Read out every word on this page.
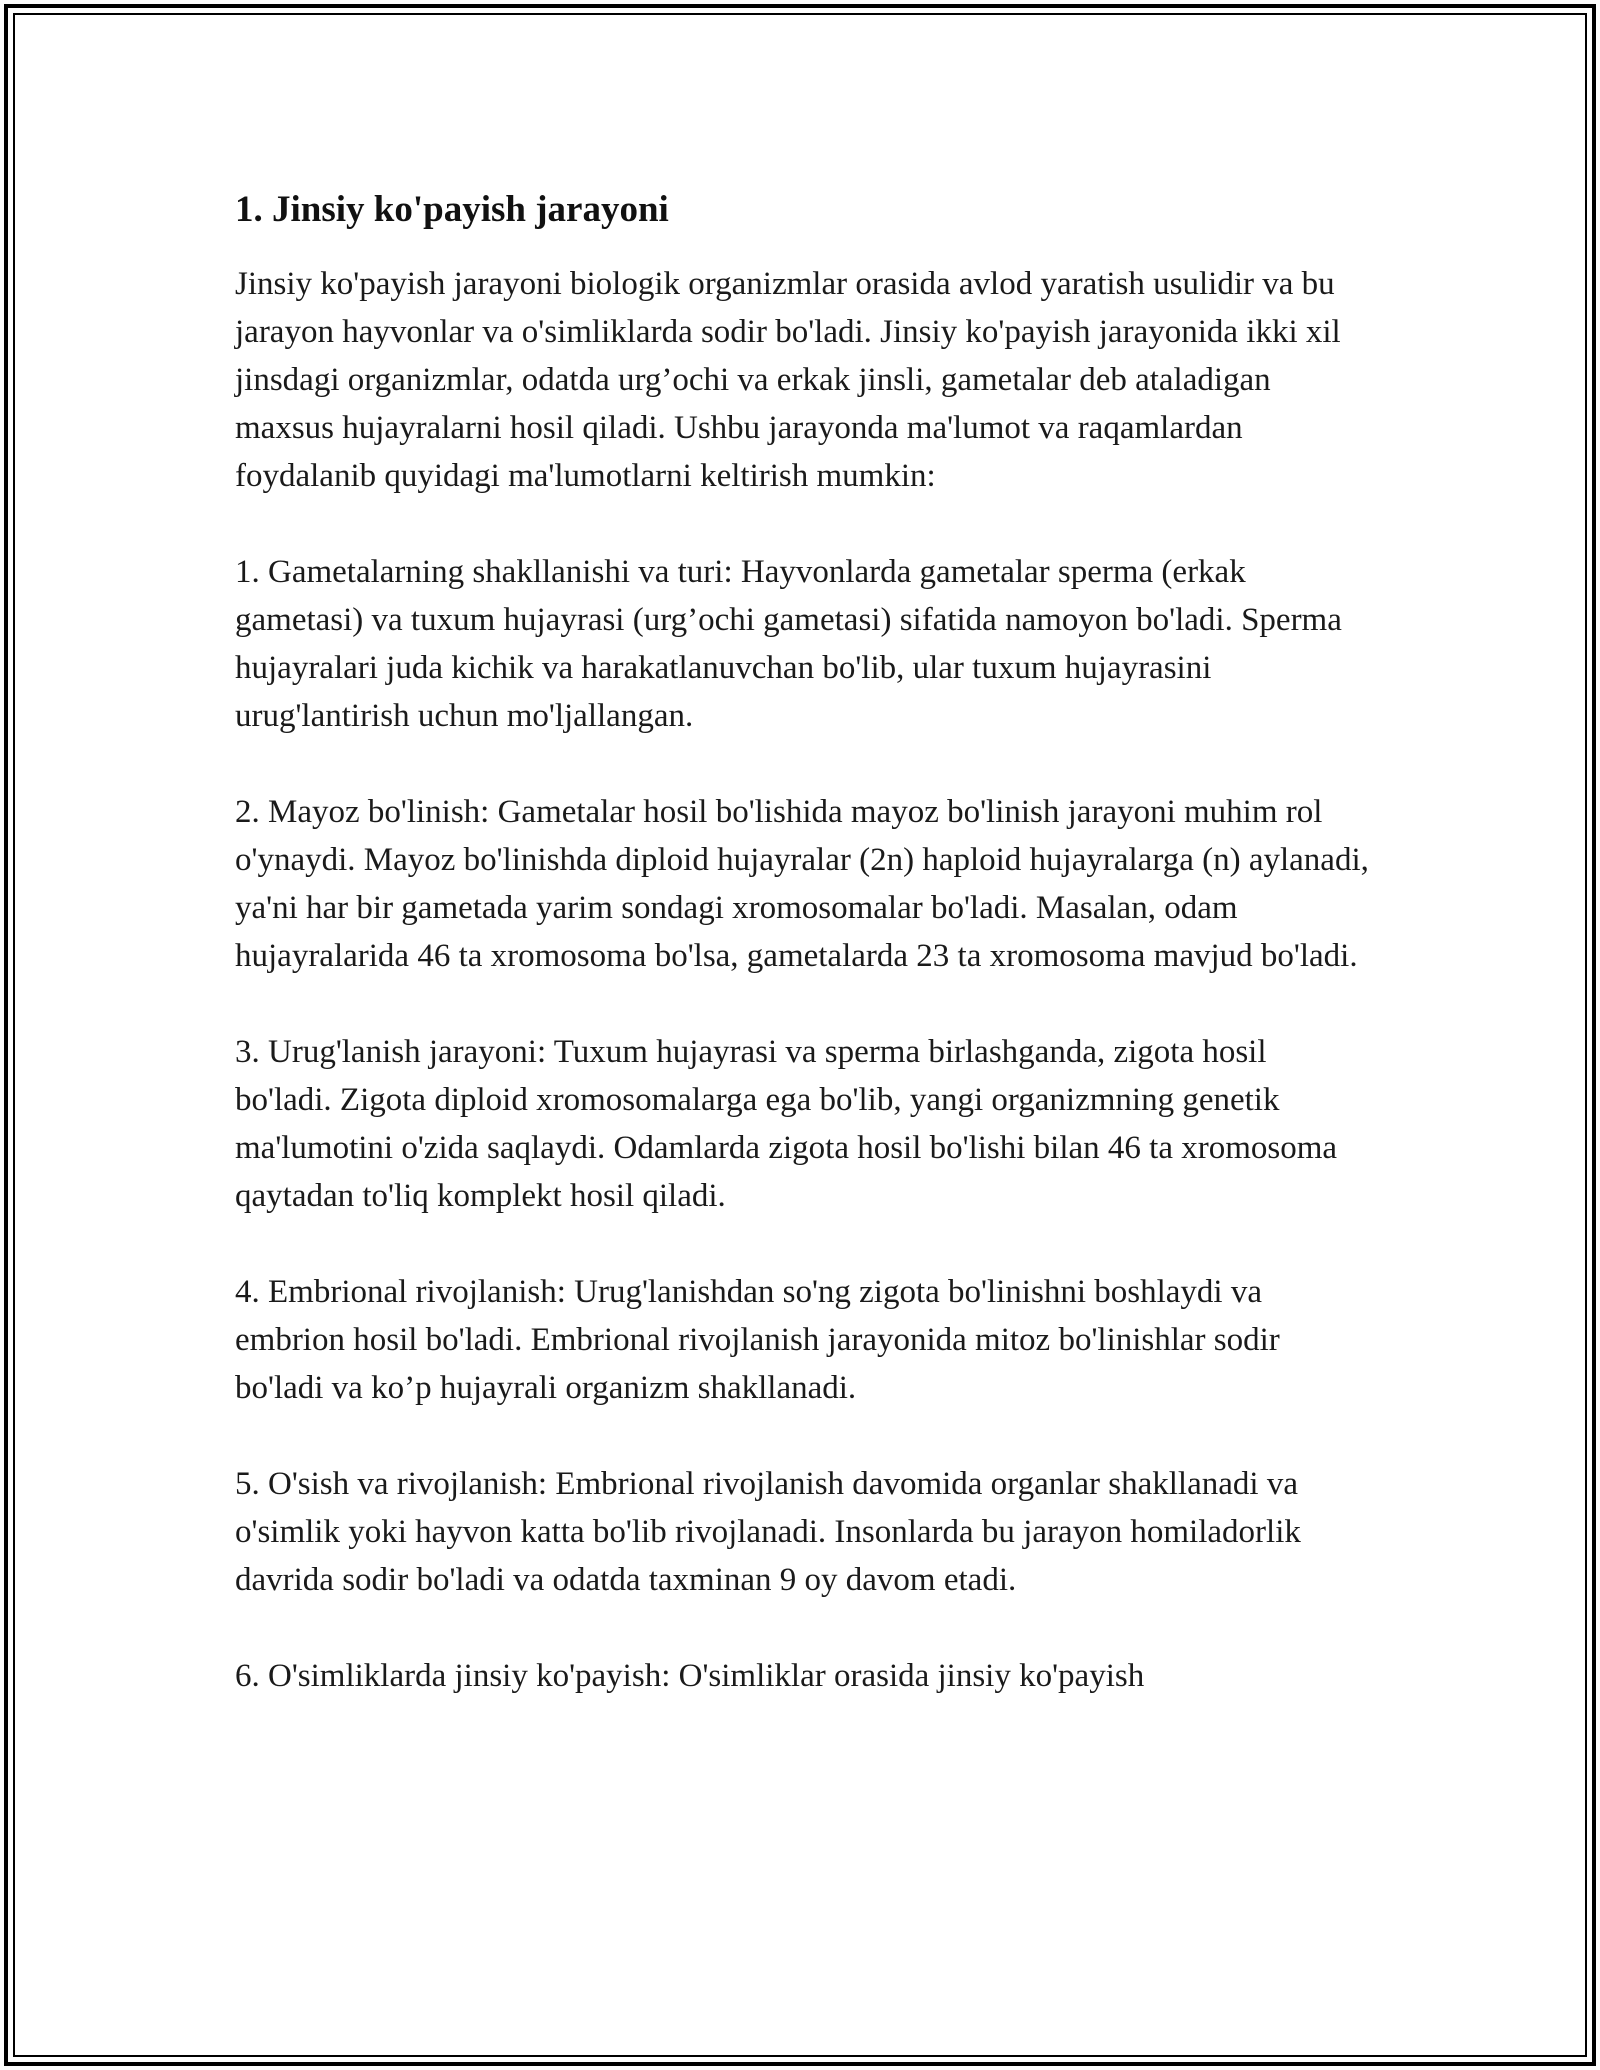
1. Jinsiy ko'payish jarayoni

Jinsiy ko'payish jarayoni biologik organizmlar orasida avlod yaratish usulidir va bu jarayon hayvonlar va o'simliklarda sodir bo'ladi. Jinsiy ko'payish jarayonida ikki xil jinsdagi organizmlar, odatda urg’ochi va erkak jinsli, gametalar deb ataladigan maxsus hujayralarni hosil qiladi. Ushbu jarayonda ma'lumot va raqamlardan foydalanib quyidagi ma'lumotlarni keltirish mumkin:

1. Gametalarning shakllanishi va turi: Hayvonlarda gametalar sperma (erkak gametasi) va tuxum hujayrasi (urg’ochi gametasi) sifatida namoyon bo'ladi. Sperma hujayralari juda kichik va harakatlanuvchan bo'lib, ular tuxum hujayrasini urug'lantirish uchun mo'ljallangan.

2. Mayoz bo'linish: Gametalar hosil bo'lishida mayoz bo'linish jarayoni muhim rol o'ynaydi. Mayoz bo'linishda diploid hujayralar (2n) haploid hujayralarga (n) aylanadi, ya'ni har bir gametada yarim sondagi xromosomalar bo'ladi. Masalan, odam hujayralarida 46 ta xromosoma bo'lsa, gametalarda 23 ta xromosoma mavjud bo'ladi.

3. Urug'lanish jarayoni: Tuxum hujayrasi va sperma birlashganda, zigota hosil bo'ladi. Zigota diploid xromosomalarga ega bo'lib, yangi organizmning genetik ma'lumotini o'zida saqlaydi. Odamlarda zigota hosil bo'lishi bilan 46 ta xromosoma qaytadan to'liq komplekt hosil qiladi.

4. Embrional rivojlanish: Urug'lanishdan so'ng zigota bo'linishni boshlaydi va embrion hosil bo'ladi. Embrional rivojlanish jarayonida mitoz bo'linishlar sodir bo'ladi va ko’p hujayrali organizm shakllanadi.

5. O'sish va rivojlanish: Embrional rivojlanish davomida organlar shakllanadi va o'simlik yoki hayvon katta bo'lib rivojlanadi. Insonlarda bu jarayon homiladorlik davrida sodir bo'ladi va odatda taxminan 9 oy davom etadi.

6. O'simliklarda jinsiy ko'payish: O'simliklar orasida jinsiy ko'payish
